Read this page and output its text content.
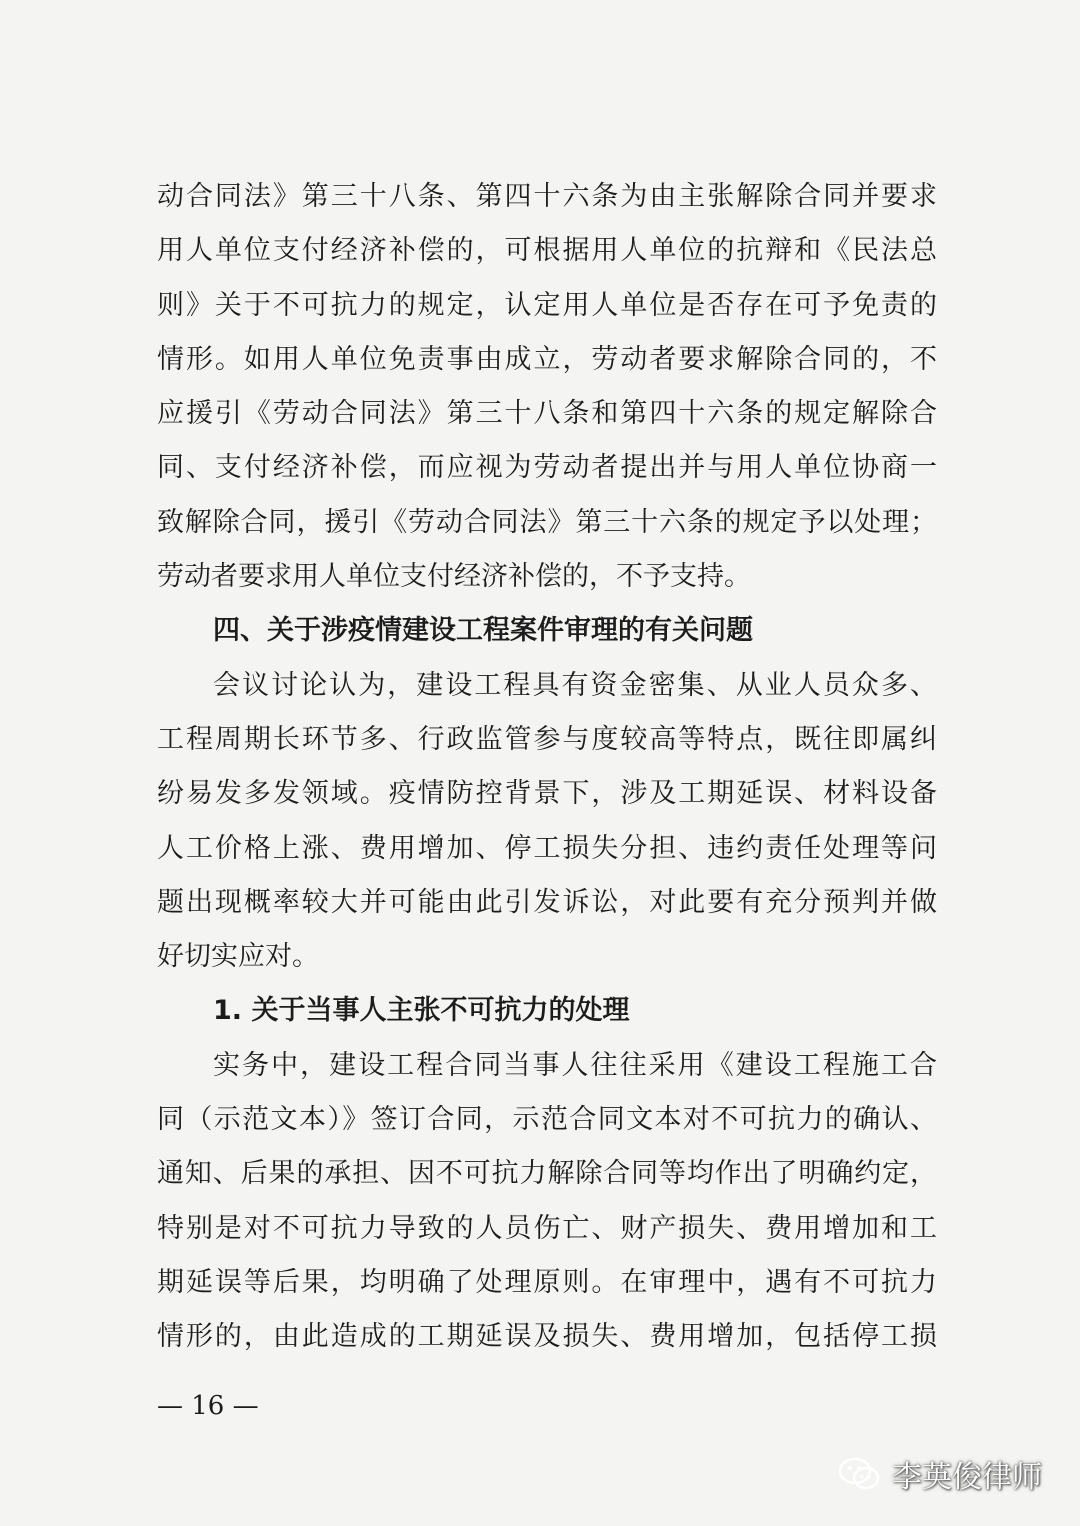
动合同法》第三十八条、第四十六条为由主张解除合同并要求
用人单位支付经济补偿的，可根据用人单位的抗辩和《民法总
则》关于不可抗力的规定，认定用人单位是否存在可予免责的
情形。如用人单位免责事由成立，劳动者要求解除合同的，不
应援引《劳动合同法》第三十八条和第四十六条的规定解除合
同、支付经济补偿，而应视为劳动者提出并与用人单位协商一
致解除合同，援引《劳动合同法》第三十六条的规定予以处理；
劳动者要求用人单位支付经济补偿的，不予支持。
四、关于涉疫情建设工程案件审理的有关问题
会议讨论认为，建设工程具有资金密集、从业人员众多、
工程周期长环节多、行政监管参与度较高等特点，既往即属纠
纷易发多发领域。疫情防控背景下，涉及工期延误、材料设备
人工价格上涨、费用增加、停工损失分担、违约责任处理等问
题出现概率较大并可能由此引发诉讼，对此要有充分预判并做
好切实应对。
1. 关于当事人主张不可抗力的处理
实务中，建设工程合同当事人往往采用《建设工程施工合
同（示范文本）》签订合同，示范合同文本对不可抗力的确认、
通知、后果的承担、因不可抗力解除合同等均作出了明确约定，
特别是对不可抗力导致的人员伤亡、财产损失、费用增加和工
期延误等后果，均明确了处理原则。在审理中，遇有不可抗力
情形的，由此造成的工期延误及损失、费用增加，包括停工损
— 16 —
李英俊律师
